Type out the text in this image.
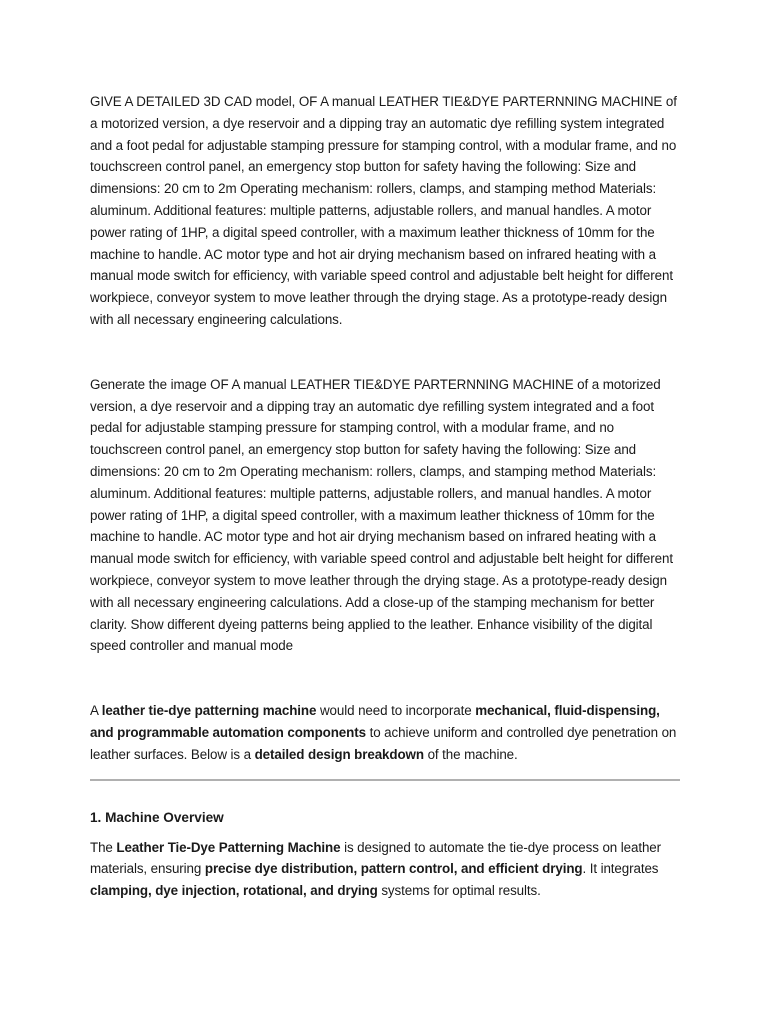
GIVE A DETAILED 3D CAD model, OF A manual LEATHER TIE&DYE PARTERNNING MACHINE of a motorized version, a dye reservoir and a dipping tray an automatic dye refilling system integrated and a foot pedal for adjustable stamping pressure for stamping control, with a modular frame, and no touchscreen control panel, an emergency stop button for safety having the following: Size and dimensions: 20 cm to 2m Operating mechanism: rollers, clamps, and stamping method Materials: aluminum. Additional features: multiple patterns, adjustable rollers, and manual handles. A motor power rating of 1HP, a digital speed controller, with a maximum leather thickness of 10mm for the machine to handle. AC motor type and hot air drying mechanism based on infrared heating with a manual mode switch for efficiency, with variable speed control and adjustable belt height for different workpiece, conveyor system to move leather through the drying stage. As a prototype-ready design with all necessary engineering calculations.

Generate the image OF A manual LEATHER TIE&DYE PARTERNNING MACHINE of a motorized version, a dye reservoir and a dipping tray an automatic dye refilling system integrated and a foot pedal for adjustable stamping pressure for stamping control, with a modular frame, and no touchscreen control panel, an emergency stop button for safety having the following: Size and dimensions: 20 cm to 2m Operating mechanism: rollers, clamps, and stamping method Materials: aluminum. Additional features: multiple patterns, adjustable rollers, and manual handles. A motor power rating of 1HP, a digital speed controller, with a maximum leather thickness of 10mm for the machine to handle. AC motor type and hot air drying mechanism based on infrared heating with a manual mode switch for efficiency, with variable speed control and adjustable belt height for different workpiece, conveyor system to move leather through the drying stage. As a prototype-ready design with all necessary engineering calculations. Add a close-up of the stamping mechanism for better clarity. Show different dyeing patterns being applied to the leather. Enhance visibility of the digital speed controller and manual mode

A leather tie-dye patterning machine would need to incorporate mechanical, fluid-dispensing, and programmable automation components to achieve uniform and controlled dye penetration on leather surfaces. Below is a detailed design breakdown of the machine.

1. Machine Overview

The Leather Tie-Dye Patterning Machine is designed to automate the tie-dye process on leather materials, ensuring precise dye distribution, pattern control, and efficient drying. It integrates clamping, dye injection, rotational, and drying systems for optimal results.
